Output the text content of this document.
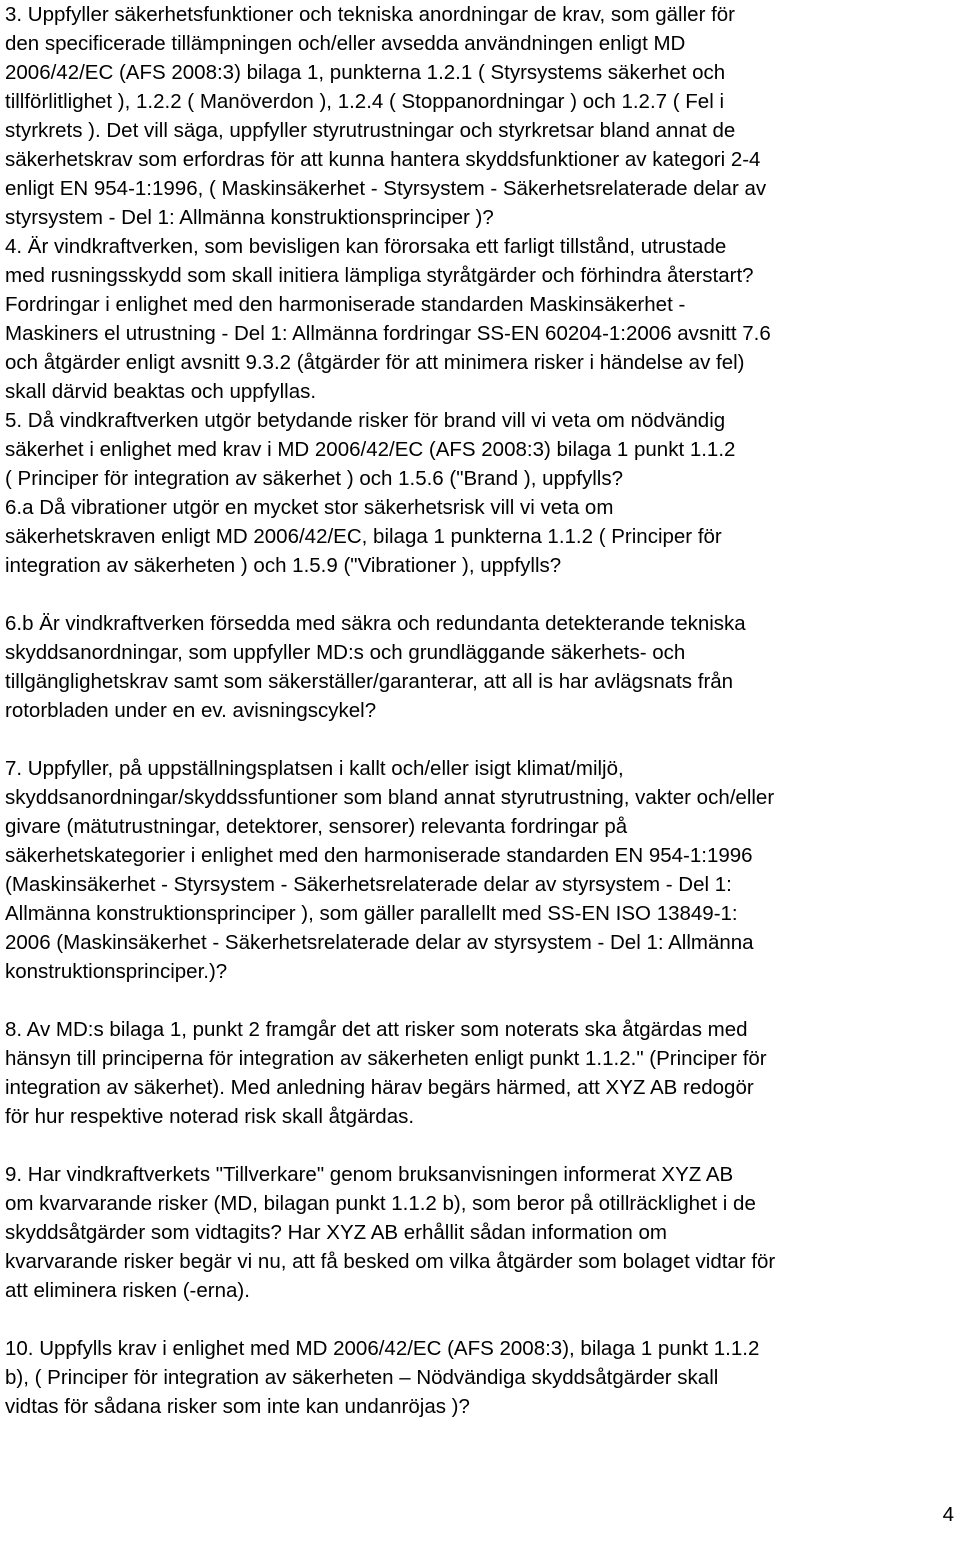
3. Uppfyller säkerhetsfunktioner och tekniska anordningar de krav, som gäller för
den specificerade tillämpningen och/eller avsedda användningen enligt MD
2006/42/EC (AFS 2008:3) bilaga 1, punkterna 1.2.1 ( Styrsystems säkerhet och
tillförlitlighet ), 1.2.2 ( Manöverdon ), 1.2.4 ( Stoppanordningar ) och 1.2.7 ( Fel i
styrkrets ). Det vill säga, uppfyller styrutrustningar och styrkretsar bland annat de
säkerhetskrav som erfordras för att kunna hantera skyddsfunktioner av kategori 2-4
enligt EN 954-1:1996, ( Maskinsäkerhet - Styrsystem - Säkerhetsrelaterade delar av
styrsystem - Del 1: Allmänna konstruktionsprinciper )?

4. Är vindkraftverken, som bevisligen kan förorsaka ett farligt tillstånd, utrustade
med rusningsskydd som skall initiera lämpliga styråtgärder och förhindra återstart?
Fordringar i enlighet med den harmoniserade standarden Maskinsäkerhet -
Maskiners el utrustning - Del 1: Allmänna fordringar SS-EN 60204-1:2006 avsnitt 7.6
och åtgärder enligt avsnitt 9.3.2 (åtgärder för att minimera risker i händelse av fel)
skall därvid beaktas och uppfyllas.

5. Då vindkraftverken utgör betydande risker för brand vill vi veta om nödvändig
säkerhet i enlighet med krav i MD 2006/42/EC (AFS 2008:3) bilaga 1 punkt 1.1.2
( Principer för integration av säkerhet ) och 1.5.6 ("Brand ), uppfylls?

6.a Då vibrationer utgör en mycket stor säkerhetsrisk vill vi veta om
säkerhetskraven enligt MD 2006/42/EC, bilaga 1 punkterna 1.1.2 ( Principer för
integration av säkerheten ) och 1.5.9 ("Vibrationer ), uppfylls?

6.b Är vindkraftverken försedda med säkra och redundanta detekterande tekniska
skyddsanordningar, som uppfyller MD:s och grundläggande säkerhets- och
tillgänglighetskrav samt som säkerställer/garanterar, att all is har avlägsnats från
rotorbladen under en ev. avisningscykel?

7. Uppfyller, på uppställningsplatsen i kallt och/eller isigt klimat/miljö,
skyddsanordningar/skyddssfuntioner som bland annat styrutrustning, vakter och/eller
givare (mätutrustningar, detektorer, sensorer) relevanta fordringar på
säkerhetskategorier i enlighet med den harmoniserade standarden EN 954-1:1996
(Maskinsäkerhet - Styrsystem - Säkerhetsrelaterade delar av styrsystem - Del 1:
Allmänna konstruktionsprinciper ), som gäller parallellt med SS-EN ISO 13849-1:
2006 (Maskinsäkerhet - Säkerhetsrelaterade delar av styrsystem - Del 1: Allmänna
konstruktionsprinciper.)?

8. Av MD:s bilaga 1, punkt 2 framgår det att risker som noterats ska åtgärdas med
hänsyn till principerna för integration av säkerheten enligt punkt 1.1.2." (Principer för
integration av säkerhet). Med anledning härav begärs härmed, att XYZ AB redogör
för hur respektive noterad risk skall åtgärdas.

9. Har vindkraftverkets "Tillverkare" genom bruksanvisningen informerat XYZ AB
om kvarvarande risker (MD, bilagan punkt 1.1.2 b), som beror på otillräcklighet i de
skyddsåtgärder som vidtagits? Har XYZ AB erhållit sådan information om
kvarvarande risker begär vi nu, att få besked om vilka åtgärder som bolaget vidtar för
att eliminera risken (-erna).

10. Uppfylls krav i enlighet med MD 2006/42/EC (AFS 2008:3), bilaga 1 punkt 1.1.2
b), ( Principer för integration av säkerheten – Nödvändiga skyddsåtgärder skall
vidtas för sådana risker som inte kan undanröjas )?

4
